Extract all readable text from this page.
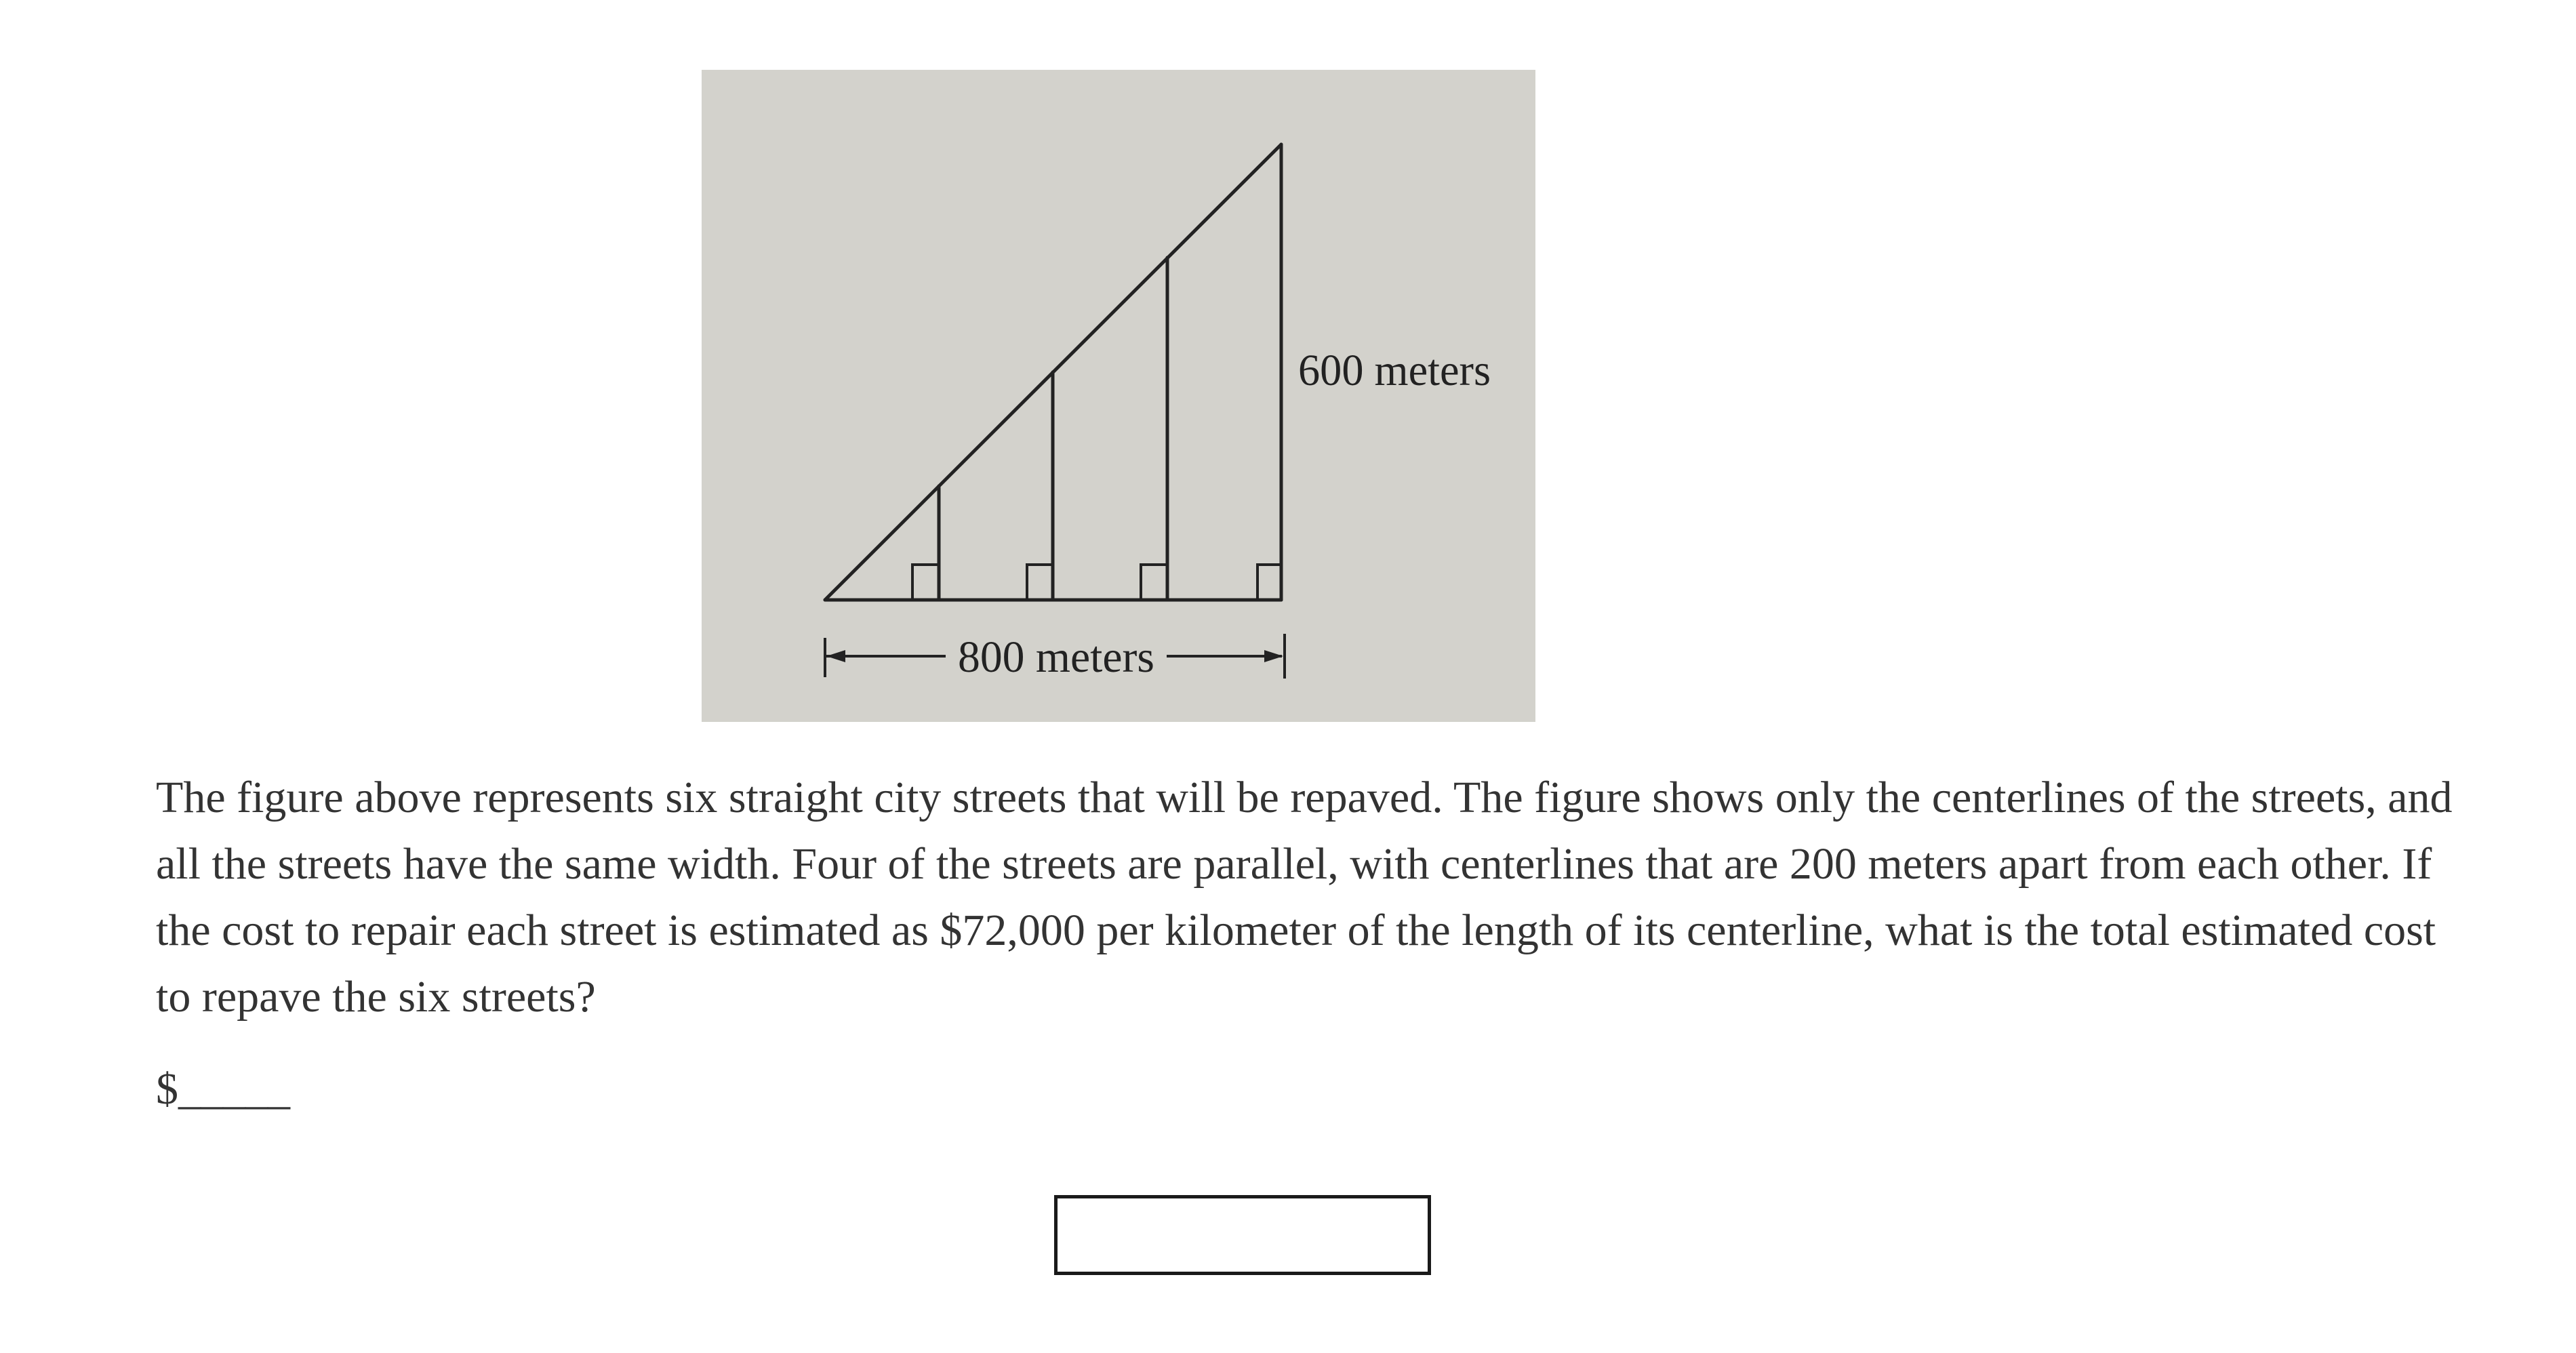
800 meters
600 meters

The figure above represents six straight city streets that will be repaved. The figure shows only the centerlines of the streets, and all the streets have the same width. Four of the streets are parallel, with centerlines that are 200 meters apart from each other. If the cost to repair each street is estimated as $72,000 per kilometer of the length of its centerline, what is the total estimated cost to repave the six streets?

$_____
